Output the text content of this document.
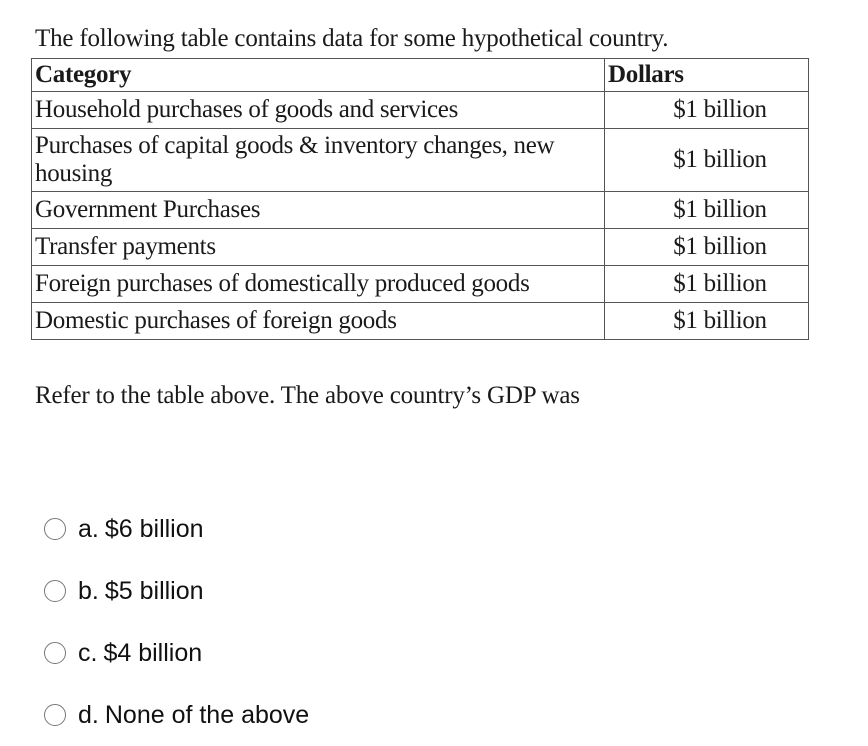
The following table contains data for some hypothetical country.
Category	Dollars
Household purchases of goods and services	$1 billion
Purchases of capital goods & inventory changes, new housing	$1 billion
Government Purchases	$1 billion
Transfer payments	$1 billion
Foreign purchases of domestically produced goods	$1 billion
Domestic purchases of foreign goods	$1 billion
Refer to the table above. The above country’s GDP was
a. $6 billion
b. $5 billion
c. $4 billion
d. None of the above
